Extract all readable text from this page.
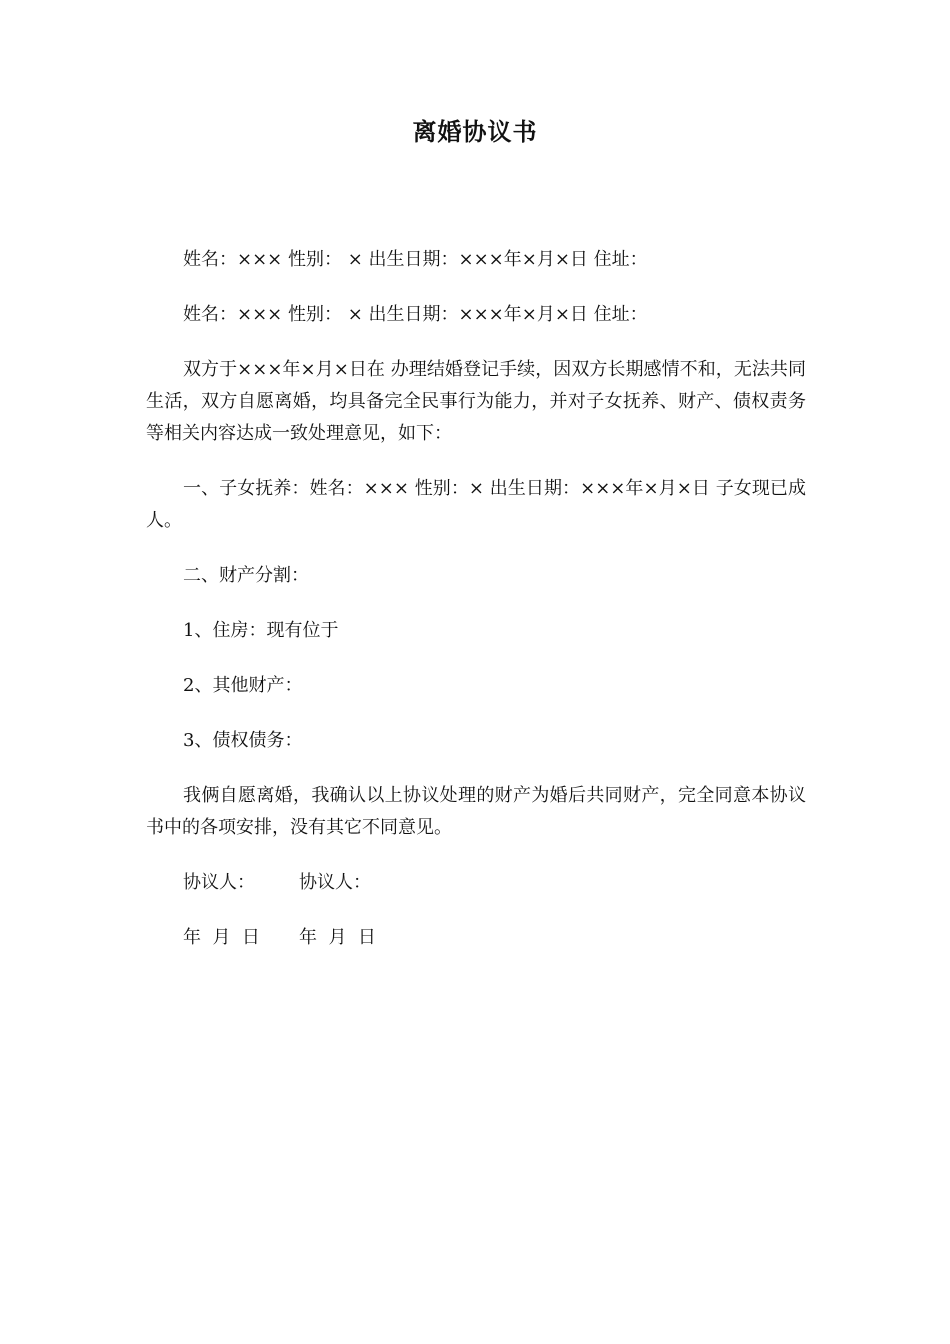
离婚协议书

姓名：××× 性别： × 出生日期：×××年×月×日 住址：

姓名：××× 性别： × 出生日期：×××年×月×日 住址：

双方于×××年×月×日在 办理结婚登记手续，因双方长期感情不和，无法共同生活，双方自愿离婚，均具备完全民事行为能力，并对子女抚养、财产、债权责务等相关内容达成一致处理意见，如下：

一、子女抚养：姓名：××× 性别：× 出生日期：×××年×月×日 子女现已成人。

二、财产分割：

1、住房：现有位于

2、其他财产：

3、债权债务：

我俩自愿离婚，我确认以上协议处理的财产为婚后共同财产，完全同意本协议书中的各项安排，没有其它不同意见。

协议人：	协议人：
年  月  日	年  月  日
